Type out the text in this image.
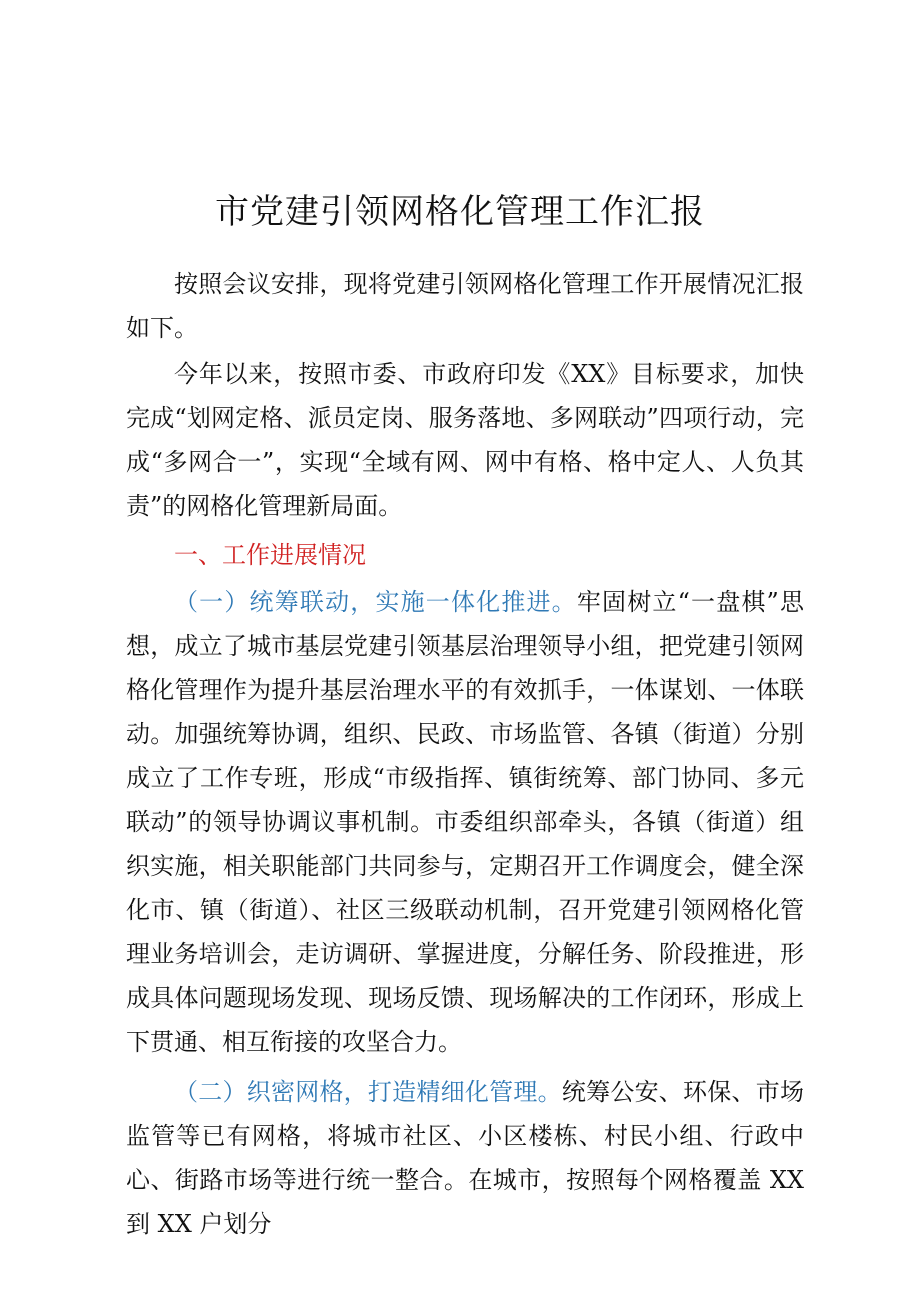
市党建引领网格化管理工作汇报

按照会议安排，现将党建引领网格化管理工作开展情况汇报如下。

今年以来，按照市委、市政府印发《XX》目标要求，加快完成“划网定格、派员定岗、服务落地、多网联动”四项行动，完成“多网合一”，实现“全域有网、网中有格、格中定人、人负其责”的网格化管理新局面。

一、工作进展情况

（一）统筹联动，实施一体化推进。牢固树立“一盘棋”思想，成立了城市基层党建引领基层治理领导小组，把党建引领网格化管理作为提升基层治理水平的有效抓手，一体谋划、一体联动。加强统筹协调，组织、民政、市场监管、各镇（街道）分别成立了工作专班，形成“市级指挥、镇街统筹、部门协同、多元联动”的领导协调议事机制。市委组织部牵头，各镇（街道）组织实施，相关职能部门共同参与，定期召开工作调度会，健全深化市、镇（街道）、社区三级联动机制，召开党建引领网格化管理业务培训会，走访调研、掌握进度，分解任务、阶段推进，形成具体问题现场发现、现场反馈、现场解决的工作闭环，形成上下贯通、相互衔接的攻坚合力。

（二）织密网格，打造精细化管理。统筹公安、环保、市场监管等已有网格，将城市社区、小区楼栋、村民小组、行政中心、街路市场等进行统一整合。在城市，按照每个网格覆盖 XX 到 XX 户划分
